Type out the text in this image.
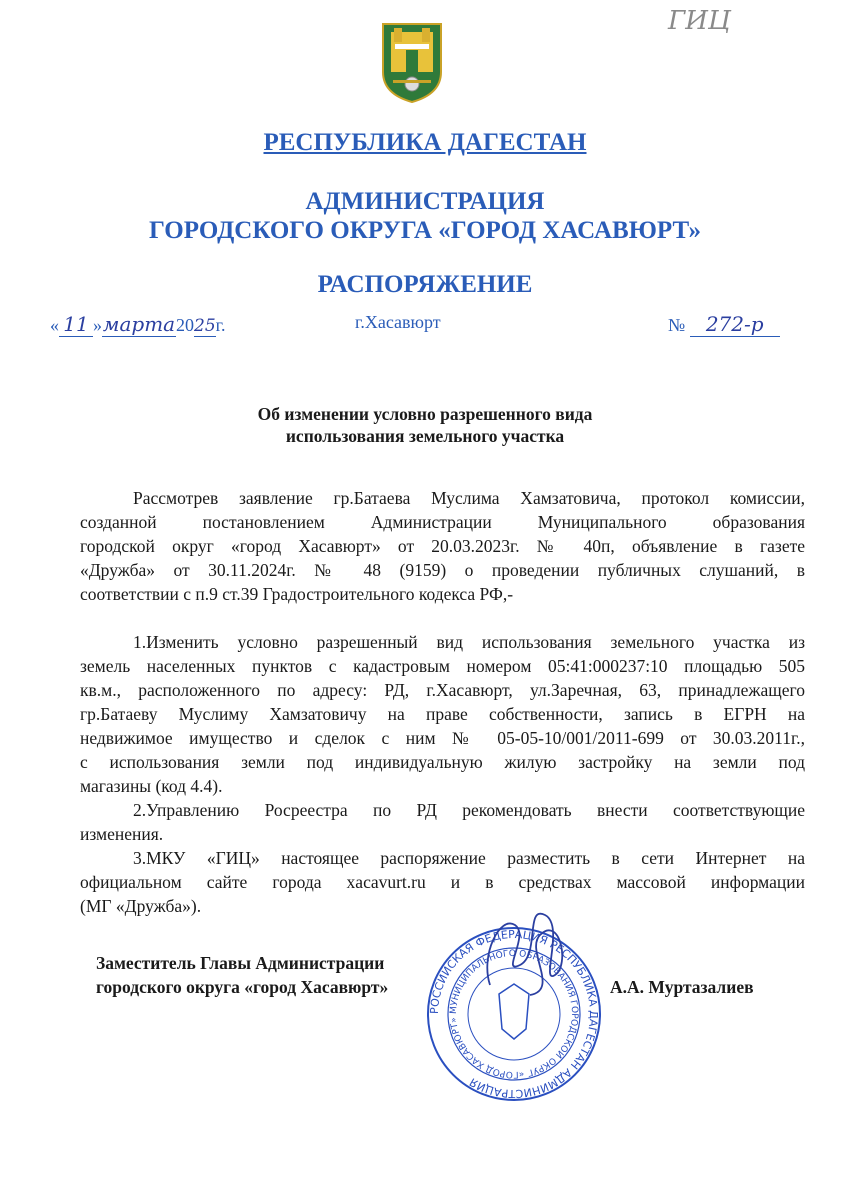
ГИЦ
РЕСПУБЛИКА ДАГЕСТАН
АДМИНИСТРАЦИЯ
ГОРОДСКОГО ОКРУГА «ГОРОД ХАСАВЮРТ»
РАСПОРЯЖЕНИЕ
« 11 »марта2025г.	г.Хасавюрт	№ 272-р
Об изменении условно разрешенного вида
использования земельного участка
Рассмотрев заявление гр.Батаева Муслима Хамзатовича, протокол комиссии,
созданной постановлением Администрации Муниципального образования
городской округ «город Хасавюрт» от 20.03.2023г. № 40п, объявление в газете
«Дружба» от 30.11.2024г. № 48 (9159) о проведении публичных слушаний, в
соответствии с п.9 ст.39 Градостроительного кодекса РФ,-
1.Изменить условно разрешенный вид использования земельного участка из
земель населенных пунктов с кадастровым номером 05:41:000237:10 площадью 505
кв.м., расположенного по адресу: РД, г.Хасавюрт, ул.Заречная, 63, принадлежащего
гр.Батаеву Муслиму Хамзатовичу на праве собственности, запись в ЕГРН на
недвижимое имущество и сделок с ним № 05-05-10/001/2011-699 от 30.03.2011г.,
с использования земли под индивидуальную жилую застройку на земли под
магазины (код 4.4).
2.Управлению Росреестра по РД рекомендовать внести соответствующие
изменения.
3.МКУ «ГИЦ» настоящее распоряжение разместить в сети Интернет на
официальном сайте города xacavurt.ru и в средствах массовой информации
(МГ «Дружба»).
РОССИЙСКАЯ ФЕДЕРАЦИЯ РЕСПУБЛИКА ДАГЕСТАН АДМИНИСТРАЦИЯ
МУНИЦИПАЛЬНОГО ОБРАЗОВАНИЯ ГОРОДСКОЙ ОКРУГ «ГОРОД ХАСАВЮРТ»
Заместитель Главы Администрации
городского округа «город Хасавюрт»	А.А. Муртазалиев
